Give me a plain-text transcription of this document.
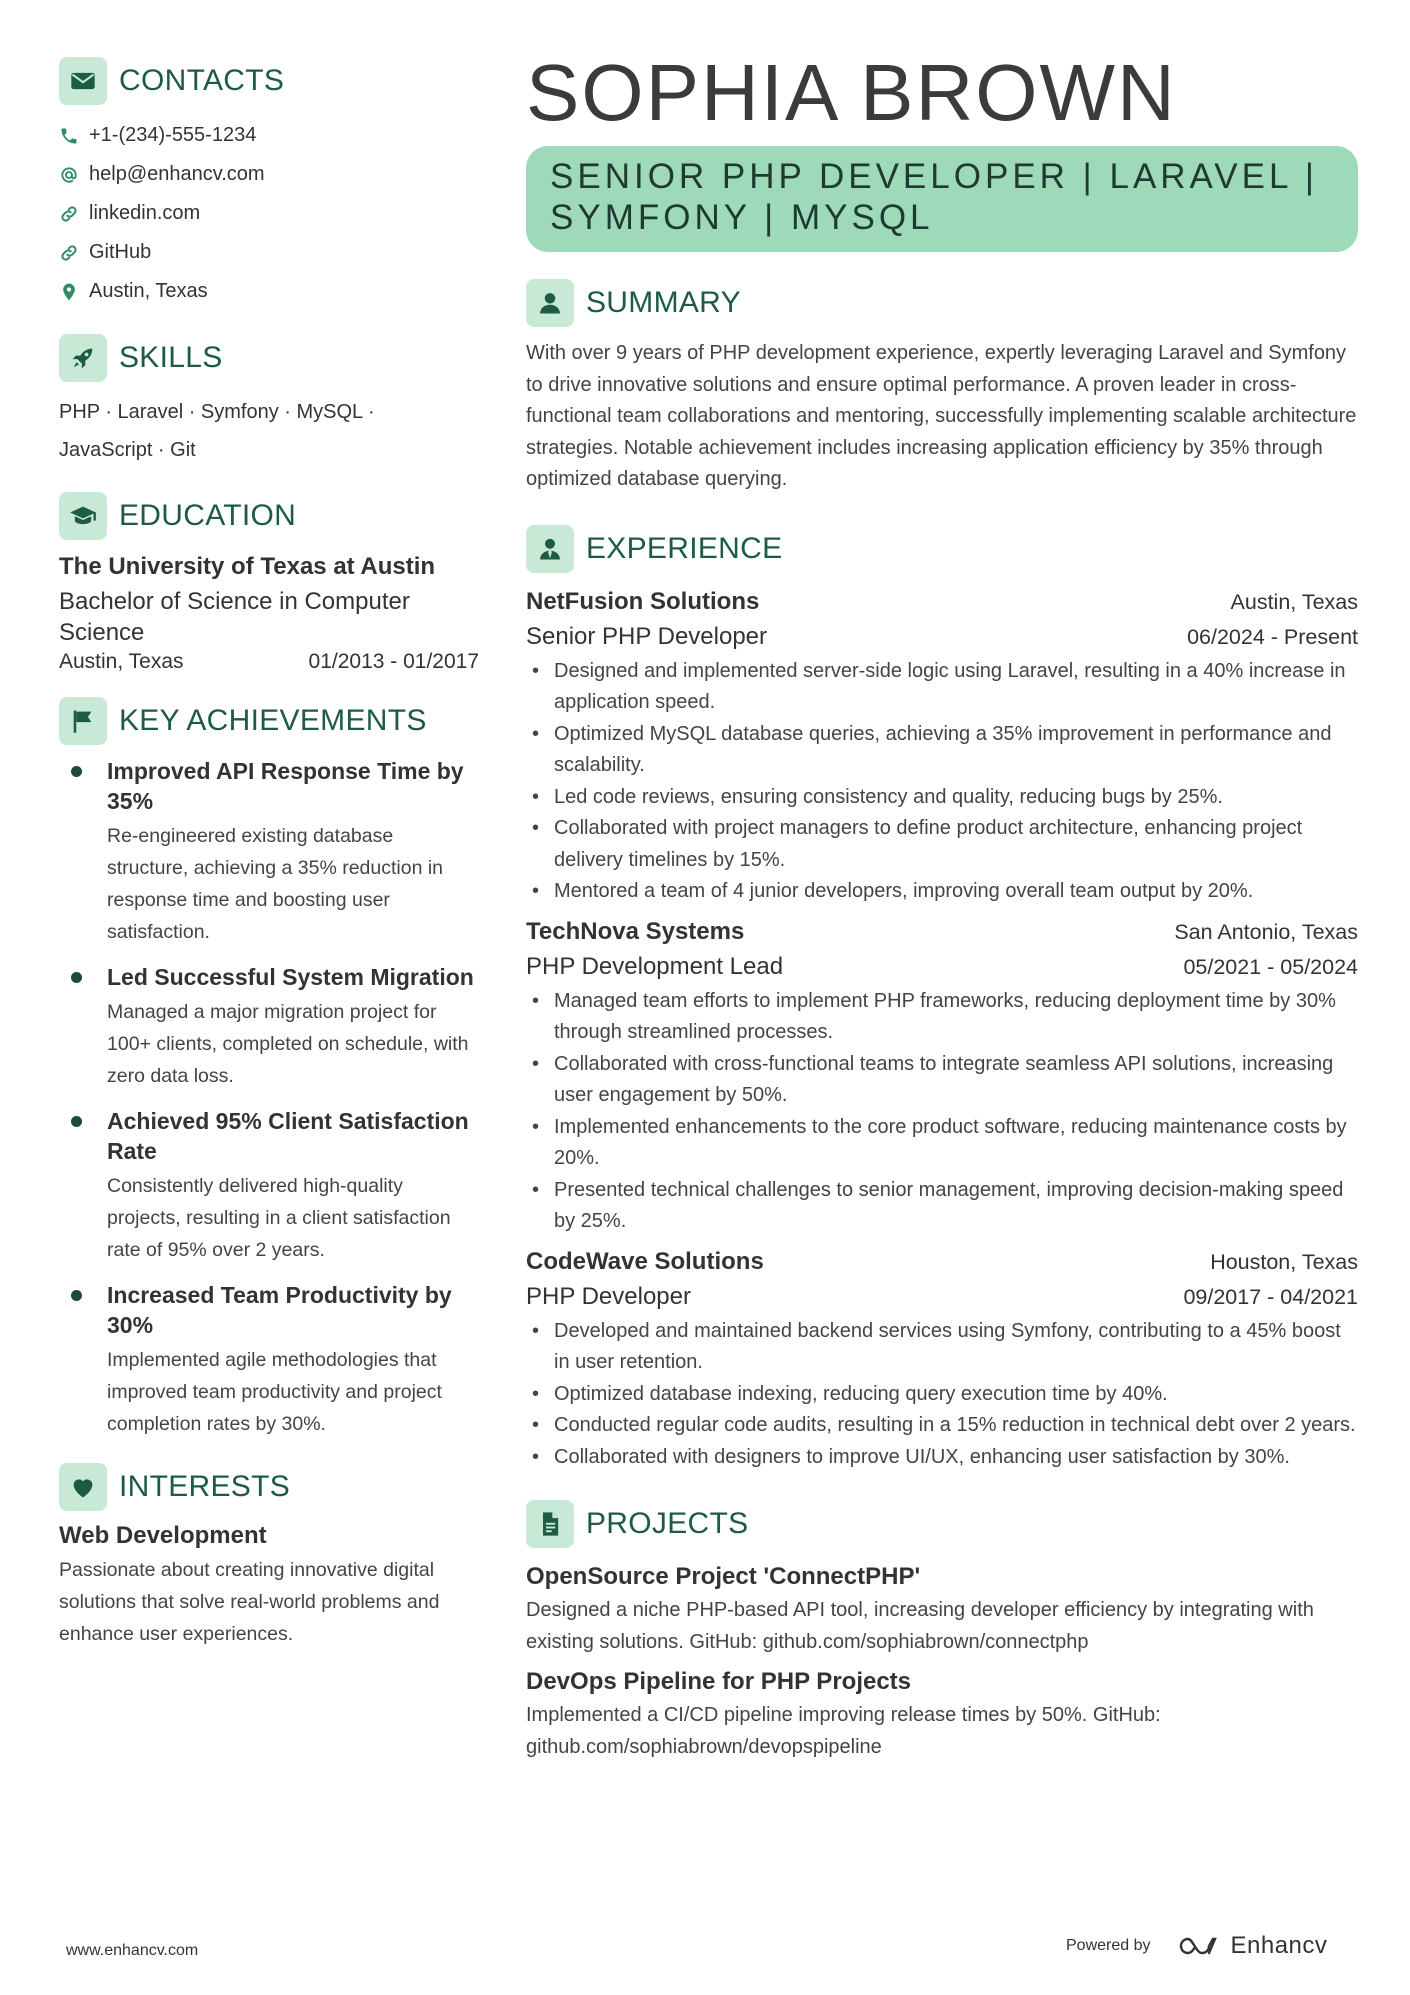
CONTACTS
+1-(234)-555-1234
help@enhancv.com
linkedin.com
GitHub
Austin, Texas
SKILLS
PHP · Laravel · Symfony · MySQL · JavaScript · Git
EDUCATION
The University of Texas at Austin
Bachelor of Science in Computer Science
Austin, Texas	01/2013 - 01/2017
KEY ACHIEVEMENTS
Improved API Response Time by 35%
Re-engineered existing database structure, achieving a 35% reduction in response time and boosting user satisfaction.
Led Successful System Migration
Managed a major migration project for 100+ clients, completed on schedule, with zero data loss.
Achieved 95% Client Satisfaction Rate
Consistently delivered high-quality projects, resulting in a client satisfaction rate of 95% over 2 years.
Increased Team Productivity by 30%
Implemented agile methodologies that improved team productivity and project completion rates by 30%.
INTERESTS
Web Development
Passionate about creating innovative digital solutions that solve real-world problems and enhance user experiences.
SOPHIA BROWN
SENIOR PHP DEVELOPER | LARAVEL | SYMFONY | MYSQL
SUMMARY
With over 9 years of PHP development experience, expertly leveraging Laravel and Symfony to drive innovative solutions and ensure optimal performance. A proven leader in cross-functional team collaborations and mentoring, successfully implementing scalable architecture strategies. Notable achievement includes increasing application efficiency by 35% through optimized database querying.
EXPERIENCE
NetFusion Solutions	Austin, Texas
Senior PHP Developer	06/2024 - Present
• Designed and implemented server-side logic using Laravel, resulting in a 40% increase in application speed.
• Optimized MySQL database queries, achieving a 35% improvement in performance and scalability.
• Led code reviews, ensuring consistency and quality, reducing bugs by 25%.
• Collaborated with project managers to define product architecture, enhancing project delivery timelines by 15%.
• Mentored a team of 4 junior developers, improving overall team output by 20%.
TechNova Systems	San Antonio, Texas
PHP Development Lead	05/2021 - 05/2024
• Managed team efforts to implement PHP frameworks, reducing deployment time by 30% through streamlined processes.
• Collaborated with cross-functional teams to integrate seamless API solutions, increasing user engagement by 50%.
• Implemented enhancements to the core product software, reducing maintenance costs by 20%.
• Presented technical challenges to senior management, improving decision-making speed by 25%.
CodeWave Solutions	Houston, Texas
PHP Developer	09/2017 - 04/2021
• Developed and maintained backend services using Symfony, contributing to a 45% boost in user retention.
• Optimized database indexing, reducing query execution time by 40%.
• Conducted regular code audits, resulting in a 15% reduction in technical debt over 2 years.
• Collaborated with designers to improve UI/UX, enhancing user satisfaction by 30%.
PROJECTS
OpenSource Project 'ConnectPHP'
Designed a niche PHP-based API tool, increasing developer efficiency by integrating with existing solutions. GitHub: github.com/sophiabrown/connectphp
DevOps Pipeline for PHP Projects
Implemented a CI/CD pipeline improving release times by 50%. GitHub: github.com/sophiabrown/devopspipeline
www.enhancv.com	Powered by	Enhancv
